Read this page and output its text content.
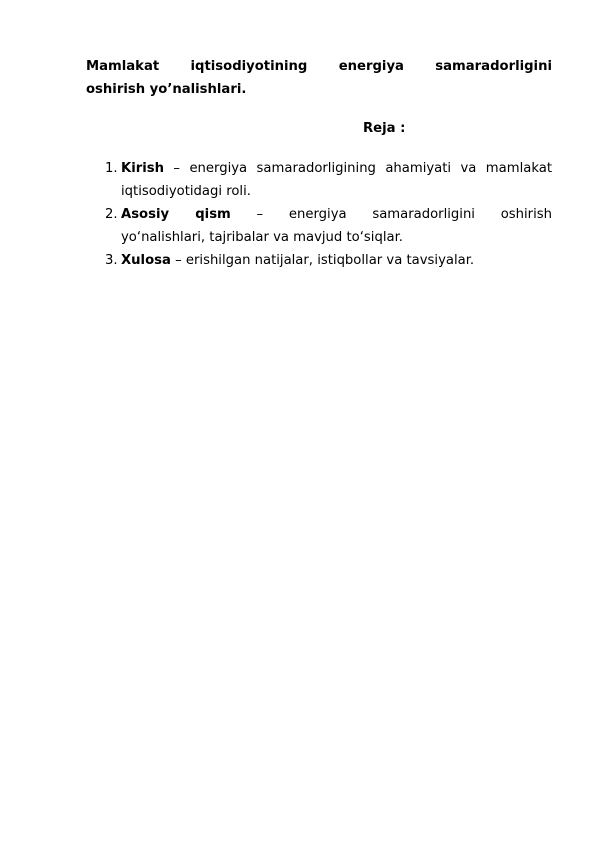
Mamlakat iqtisodiyotining energiya samaradorligini
oshirish yo’nalishlari.

Reja :

1. Kirish – energiya samaradorligining ahamiyati va mamlakat
iqtisodiyotidagi roli.
2. Asosiy qism – energiya samaradorligini oshirish
yo‘nalishlari, tajribalar va mavjud to‘siqlar.
3. Xulosa – erishilgan natijalar, istiqbollar va tavsiyalar.
